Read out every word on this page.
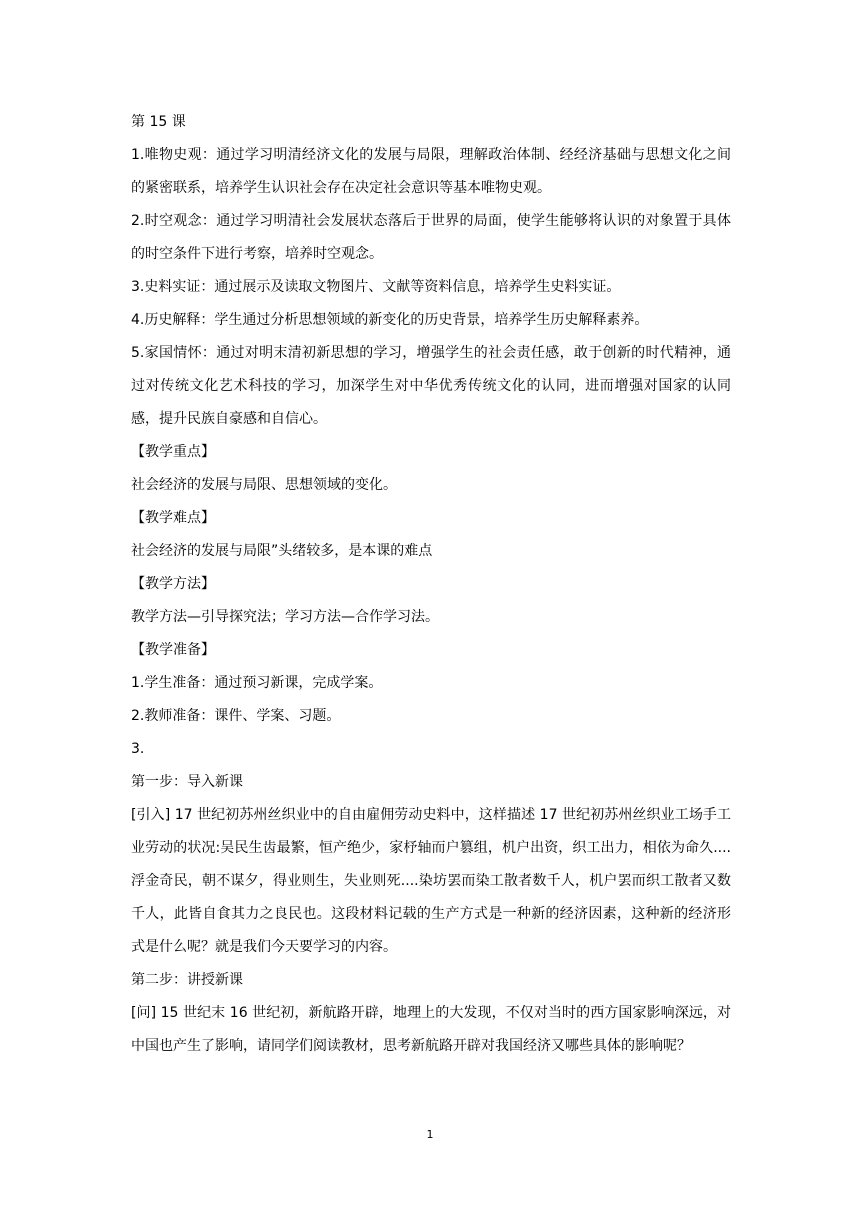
第 15 课

1.唯物史观：通过学习明清经济文化的发展与局限，理解政治体制、经经济基础与思想文化之间的紧密联系，培养学生认识社会存在决定社会意识等基本唯物史观。

2.时空观念：通过学习明清社会发展状态落后于世界的局面，使学生能够将认识的对象置于具体的时空条件下进行考察，培养时空观念。

3.史料实证：通过展示及读取文物图片、文献等资料信息，培养学生史料实证。

4.历史解释：学生通过分析思想领域的新变化的历史背景，培养学生历史解释素养。

5.家国情怀：通过对明末清初新思想的学习，增强学生的社会责任感，敢于创新的时代精神，通过对传统文化艺术科技的学习，加深学生对中华优秀传统文化的认同，进而增强对国家的认同感，提升民族自豪感和自信心。

【教学重点】

社会经济的发展与局限、思想领域的变化。

【教学难点】

社会经济的发展与局限”头绪较多，是本课的难点

【教学方法】

教学方法—引导探究法；学习方法—合作学习法。

【教学准备】

1.学生准备：通过预习新课，完成学案。

2.教师准备：课件、学案、习题。

3.

第一步：导入新课

[引入] 17 世纪初苏州丝织业中的自由雇佣劳动史料中，这样描述 17 世纪初苏州丝织业工场手工业劳动的状况:吴民生齿最繁，恒产绝少，家杼轴而户篡组，机户出资，织工出力，相依为命久....浮金奇民，朝不谋夕，得业则生，失业则死....染坊罢而染工散者数千人，机户罢而织工散者又数千人，此皆自食其力之良民也。这段材料记载的生产方式是一种新的经济因素，这种新的经济形式是什么呢？就是我们今天要学习的内容。

第二步：讲授新课

[问] 15 世纪末 16 世纪初，新航路开辟，地理上的大发现，不仅对当时的西方国家影响深远，对中国也产生了影响，请同学们阅读教材，思考新航路开辟对我国经济又哪些具体的影响呢？

1
